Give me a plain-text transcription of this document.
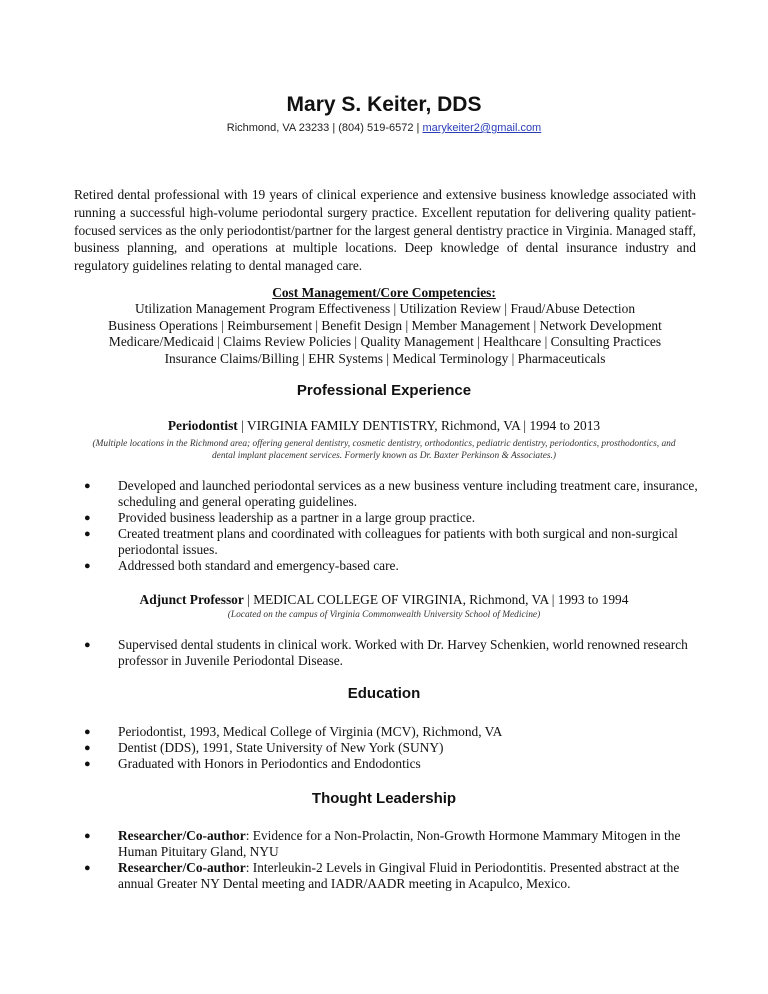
Mary S. Keiter, DDS
Richmond, VA 23233 | (804) 519-6572 | marykeiter2@gmail.com
Retired dental professional with 19 years of clinical experience and extensive business knowledge associated with running a successful high-volume periodontal surgery practice. Excellent reputation for delivering quality patient-focused services as the only periodontist/partner for the largest general dentistry practice in Virginia. Managed staff, business planning, and operations at multiple locations. Deep knowledge of dental insurance industry and regulatory guidelines relating to dental managed care.
Cost Management/Core Competencies:
Utilization Management Program Effectiveness | Utilization Review | Fraud/Abuse Detection
Business Operations | Reimbursement | Benefit Design | Member Management | Network Development
Medicare/Medicaid | Claims Review Policies | Quality Management | Healthcare | Consulting Practices
Insurance Claims/Billing | EHR Systems | Medical Terminology | Pharmaceuticals
Professional Experience
Periodontist | VIRGINIA FAMILY DENTISTRY, Richmond, VA | 1994 to 2013
(Multiple locations in the Richmond area; offering general dentistry, cosmetic dentistry, orthodontics, pediatric dentistry, periodontics, prosthodontics, and dental implant placement services. Formerly known as Dr. Baxter Perkinson & Associates.)
● Developed and launched periodontal services as a new business venture including treatment care, insurance, scheduling and general operating guidelines.
● Provided business leadership as a partner in a large group practice.
● Created treatment plans and coordinated with colleagues for patients with both surgical and non-surgical periodontal issues.
● Addressed both standard and emergency-based care.
Adjunct Professor | MEDICAL COLLEGE OF VIRGINIA, Richmond, VA | 1993 to 1994
(Located on the campus of Virginia Commonwealth University School of Medicine)
● Supervised dental students in clinical work. Worked with Dr. Harvey Schenkien, world renowned research professor in Juvenile Periodontal Disease.
Education
● Periodontist, 1993, Medical College of Virginia (MCV), Richmond, VA
● Dentist (DDS), 1991, State University of New York (SUNY)
● Graduated with Honors in Periodontics and Endodontics
Thought Leadership
● Researcher/Co-author: Evidence for a Non-Prolactin, Non-Growth Hormone Mammary Mitogen in the Human Pituitary Gland, NYU
● Researcher/Co-author: Interleukin-2 Levels in Gingival Fluid in Periodontitis. Presented abstract at the annual Greater NY Dental meeting and IADR/AADR meeting in Acapulco, Mexico.
